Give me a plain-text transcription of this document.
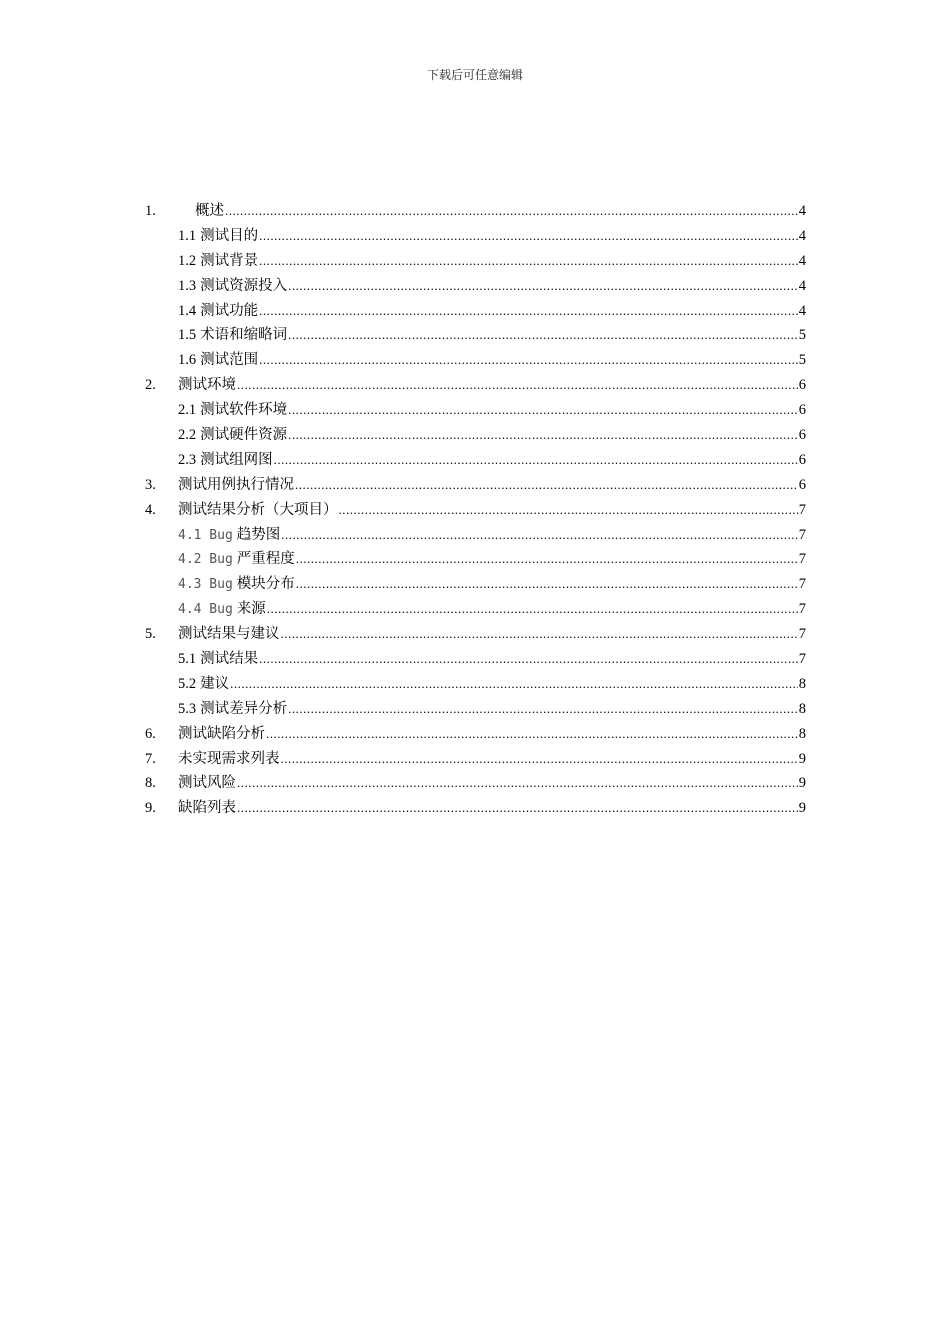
下载后可任意编辑
1.	概述 .....	4
1.1 测试目的 .....	4
1.2 测试背景 .....	4
1.3 测试资源投入 .....	4
1.4 测试功能 .....	4
1.5 术语和缩略词 .....	5
1.6 测试范围 .....	5
2.	测试环境 .....	6
2.1 测试软件环境 .....	6
2.2 测试硬件资源 .....	6
2.3 测试组网图 .....	6
3.	测试用例执行情况 .....	6
4.	测试结果分析（大项目） .....	7
4.1 Bug 趋势图 .....	7
4.2 Bug 严重程度 .....	7
4.3 Bug 模块分布 .....	7
4.4 Bug 来源 .....	7
5.	测试结果与建议 .....	7
5.1 测试结果 .....	7
5.2 建议 .....	8
5.3 测试差异分析 .....	8
6.	测试缺陷分析 .....	8
7.	未实现需求列表 .....	9
8.	测试风险 .....	9
9.	缺陷列表 .....	9
